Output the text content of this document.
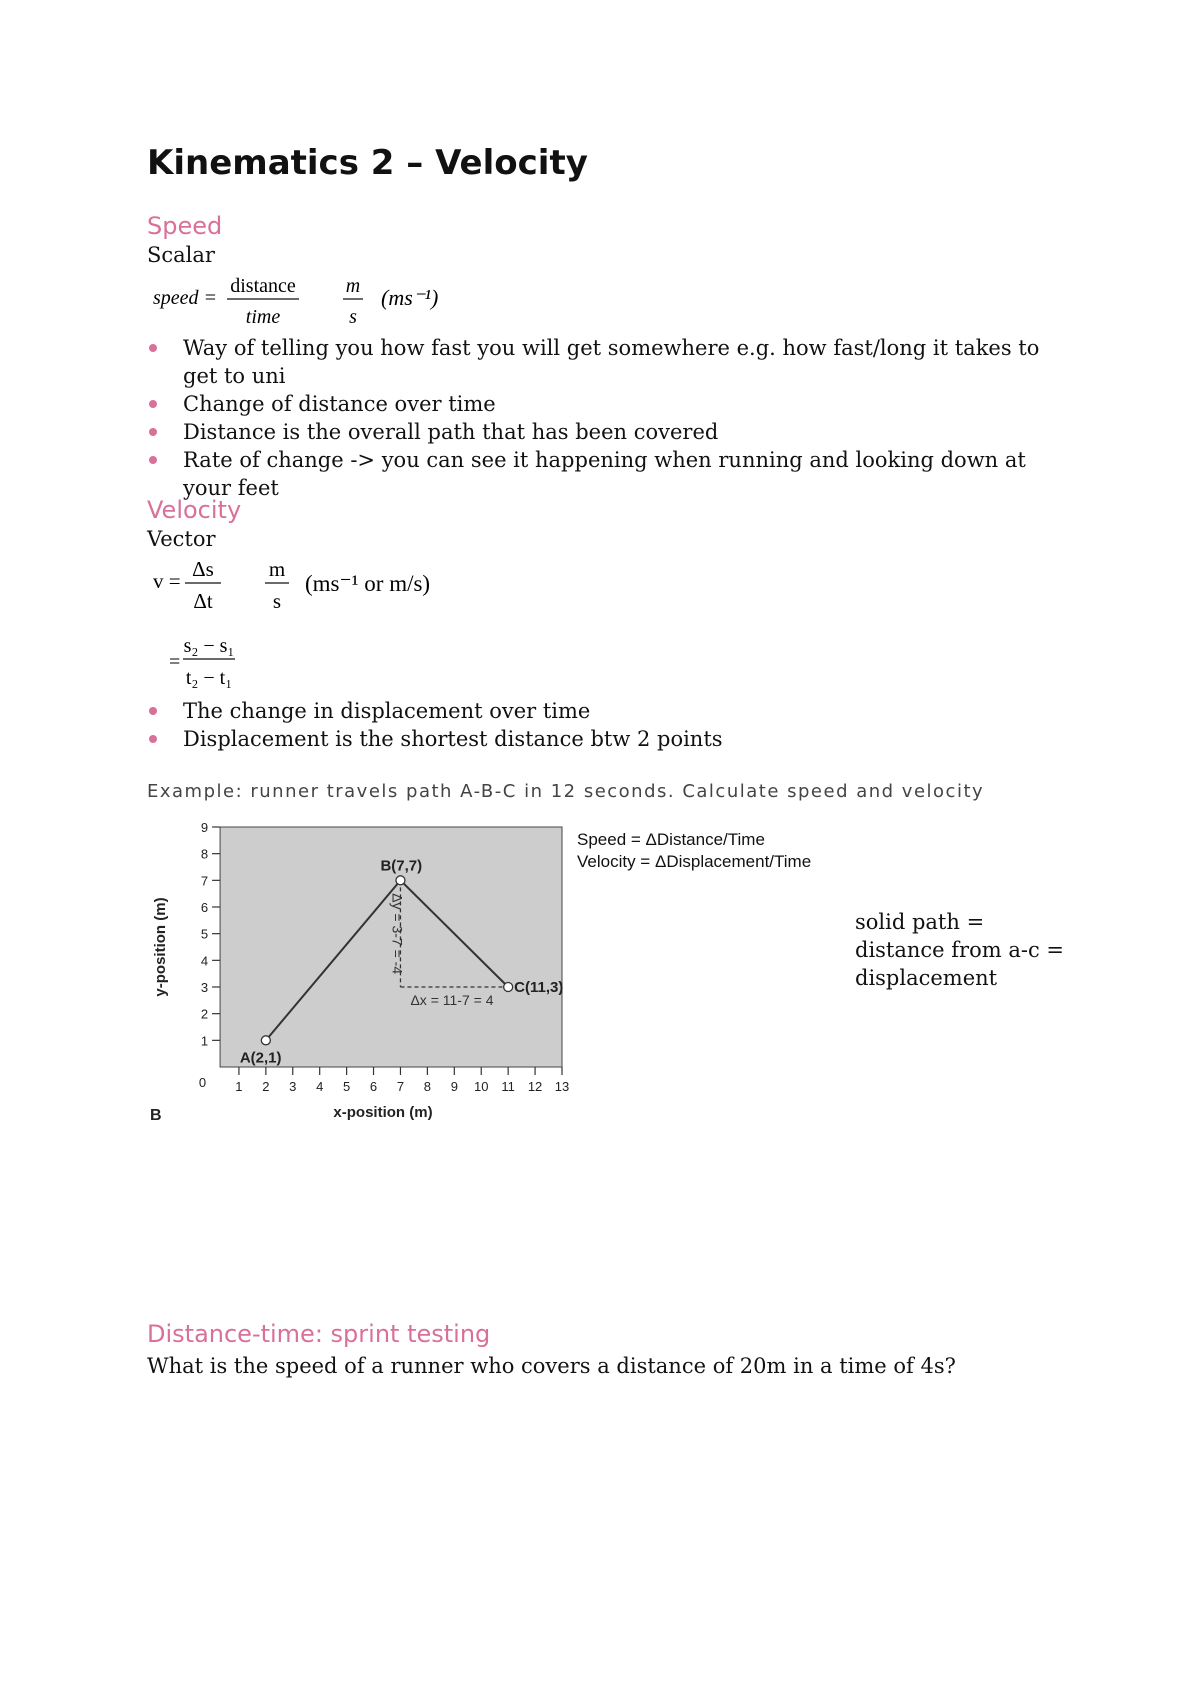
Kinematics 2 – Velocity
Speed
Scalar
speed =
distance
time
m
s
(ms⁻¹)
Way of telling you how fast you will get somewhere e.g. how fast/long it takes to get to uni
Change of distance over time
Distance is the overall path that has been covered
Rate of change -> you can see it happening when running and looking down at your feet
Velocity
Vector
v = Δs
Δt
m
s
(ms⁻¹ or m/s)
=
s₂ − s₁
t₂ − t₁
The change in displacement over time
Displacement is the shortest distance btw 2 points
Example: runner travels path A-B-C in 12 seconds. Calculate speed and velocity
0
1
2
3
4
5
6
7
8
9
1 2 3 4 5 6 7 8 9 10 11 12 13
A(2,1)
B(7,7)
C(11,3)
Δx = 11-7 = 4
Δy = 3-7 = -4
y-position (m)
x-position (m)
B
Speed = ΔDistance/Time
Velocity = ΔDisplacement/Time
solid path = distance from a-c = displacement
Distance-time: sprint testing
What is the speed of a runner who covers a distance of 20m in a time of 4s?
